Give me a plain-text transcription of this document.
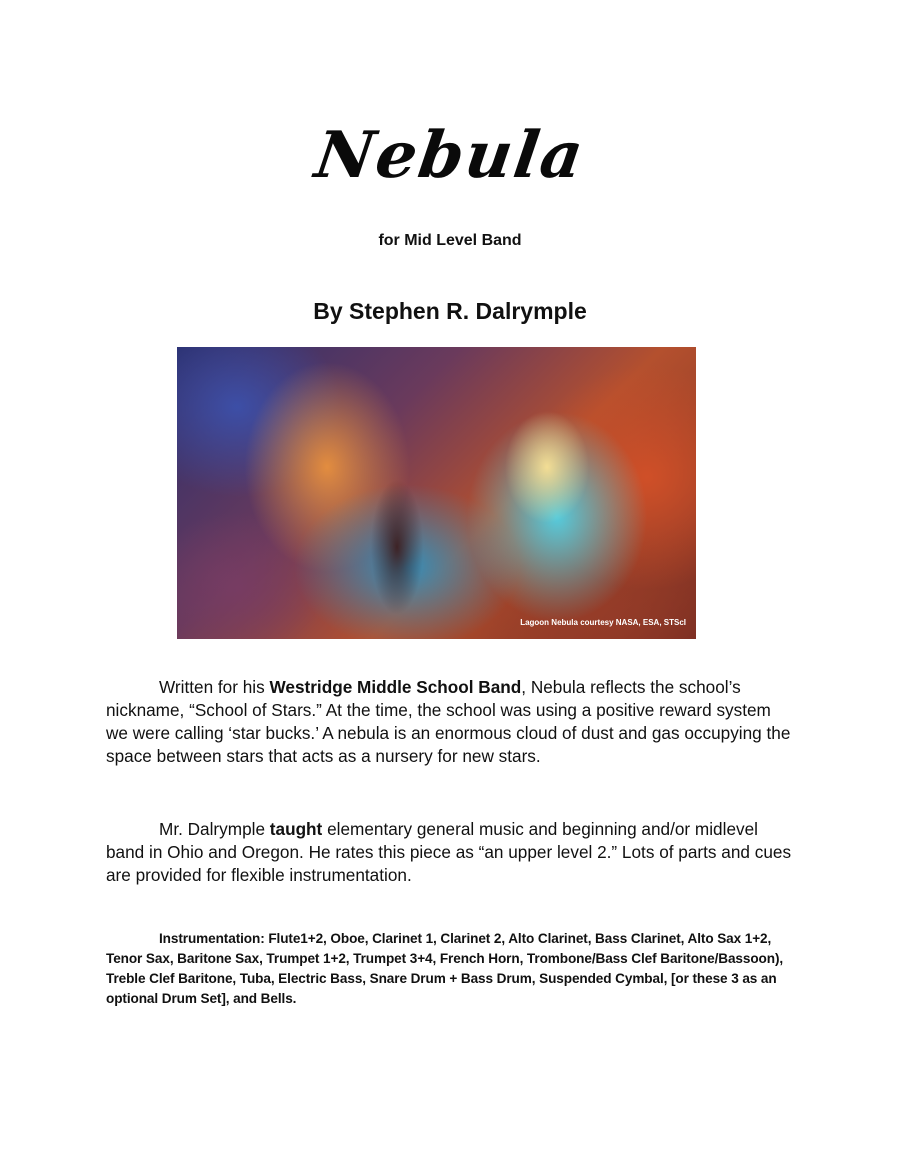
Nebula
for Mid Level Band
By Stephen R. Dalrymple
Lagoon Nebula courtesy NASA, ESA, STScI

Written for his Westridge Middle School Band, Nebula reflects the school’s nickname, “School of Stars.” At the time, the school was using a positive reward system we were calling ‘star bucks.’ A nebula is an enormous cloud of dust and gas occupying the space between stars that acts as a nursery for new stars.

Mr. Dalrymple taught elementary general music and beginning and/or midlevel band in Ohio and Oregon. He rates this piece as “an upper level 2.” Lots of parts and cues are provided for flexible instrumentation.

Instrumentation: Flute1+2, Oboe, Clarinet 1, Clarinet 2, Alto Clarinet, Bass Clarinet, Alto Sax 1+2, Tenor Sax, Baritone Sax, Trumpet 1+2, Trumpet 3+4, French Horn, Trombone/Bass Clef Baritone/Bassoon), Treble Clef Baritone, Tuba, Electric Bass, Snare Drum + Bass Drum, Suspended Cymbal, [or these 3 as an optional Drum Set], and Bells.
